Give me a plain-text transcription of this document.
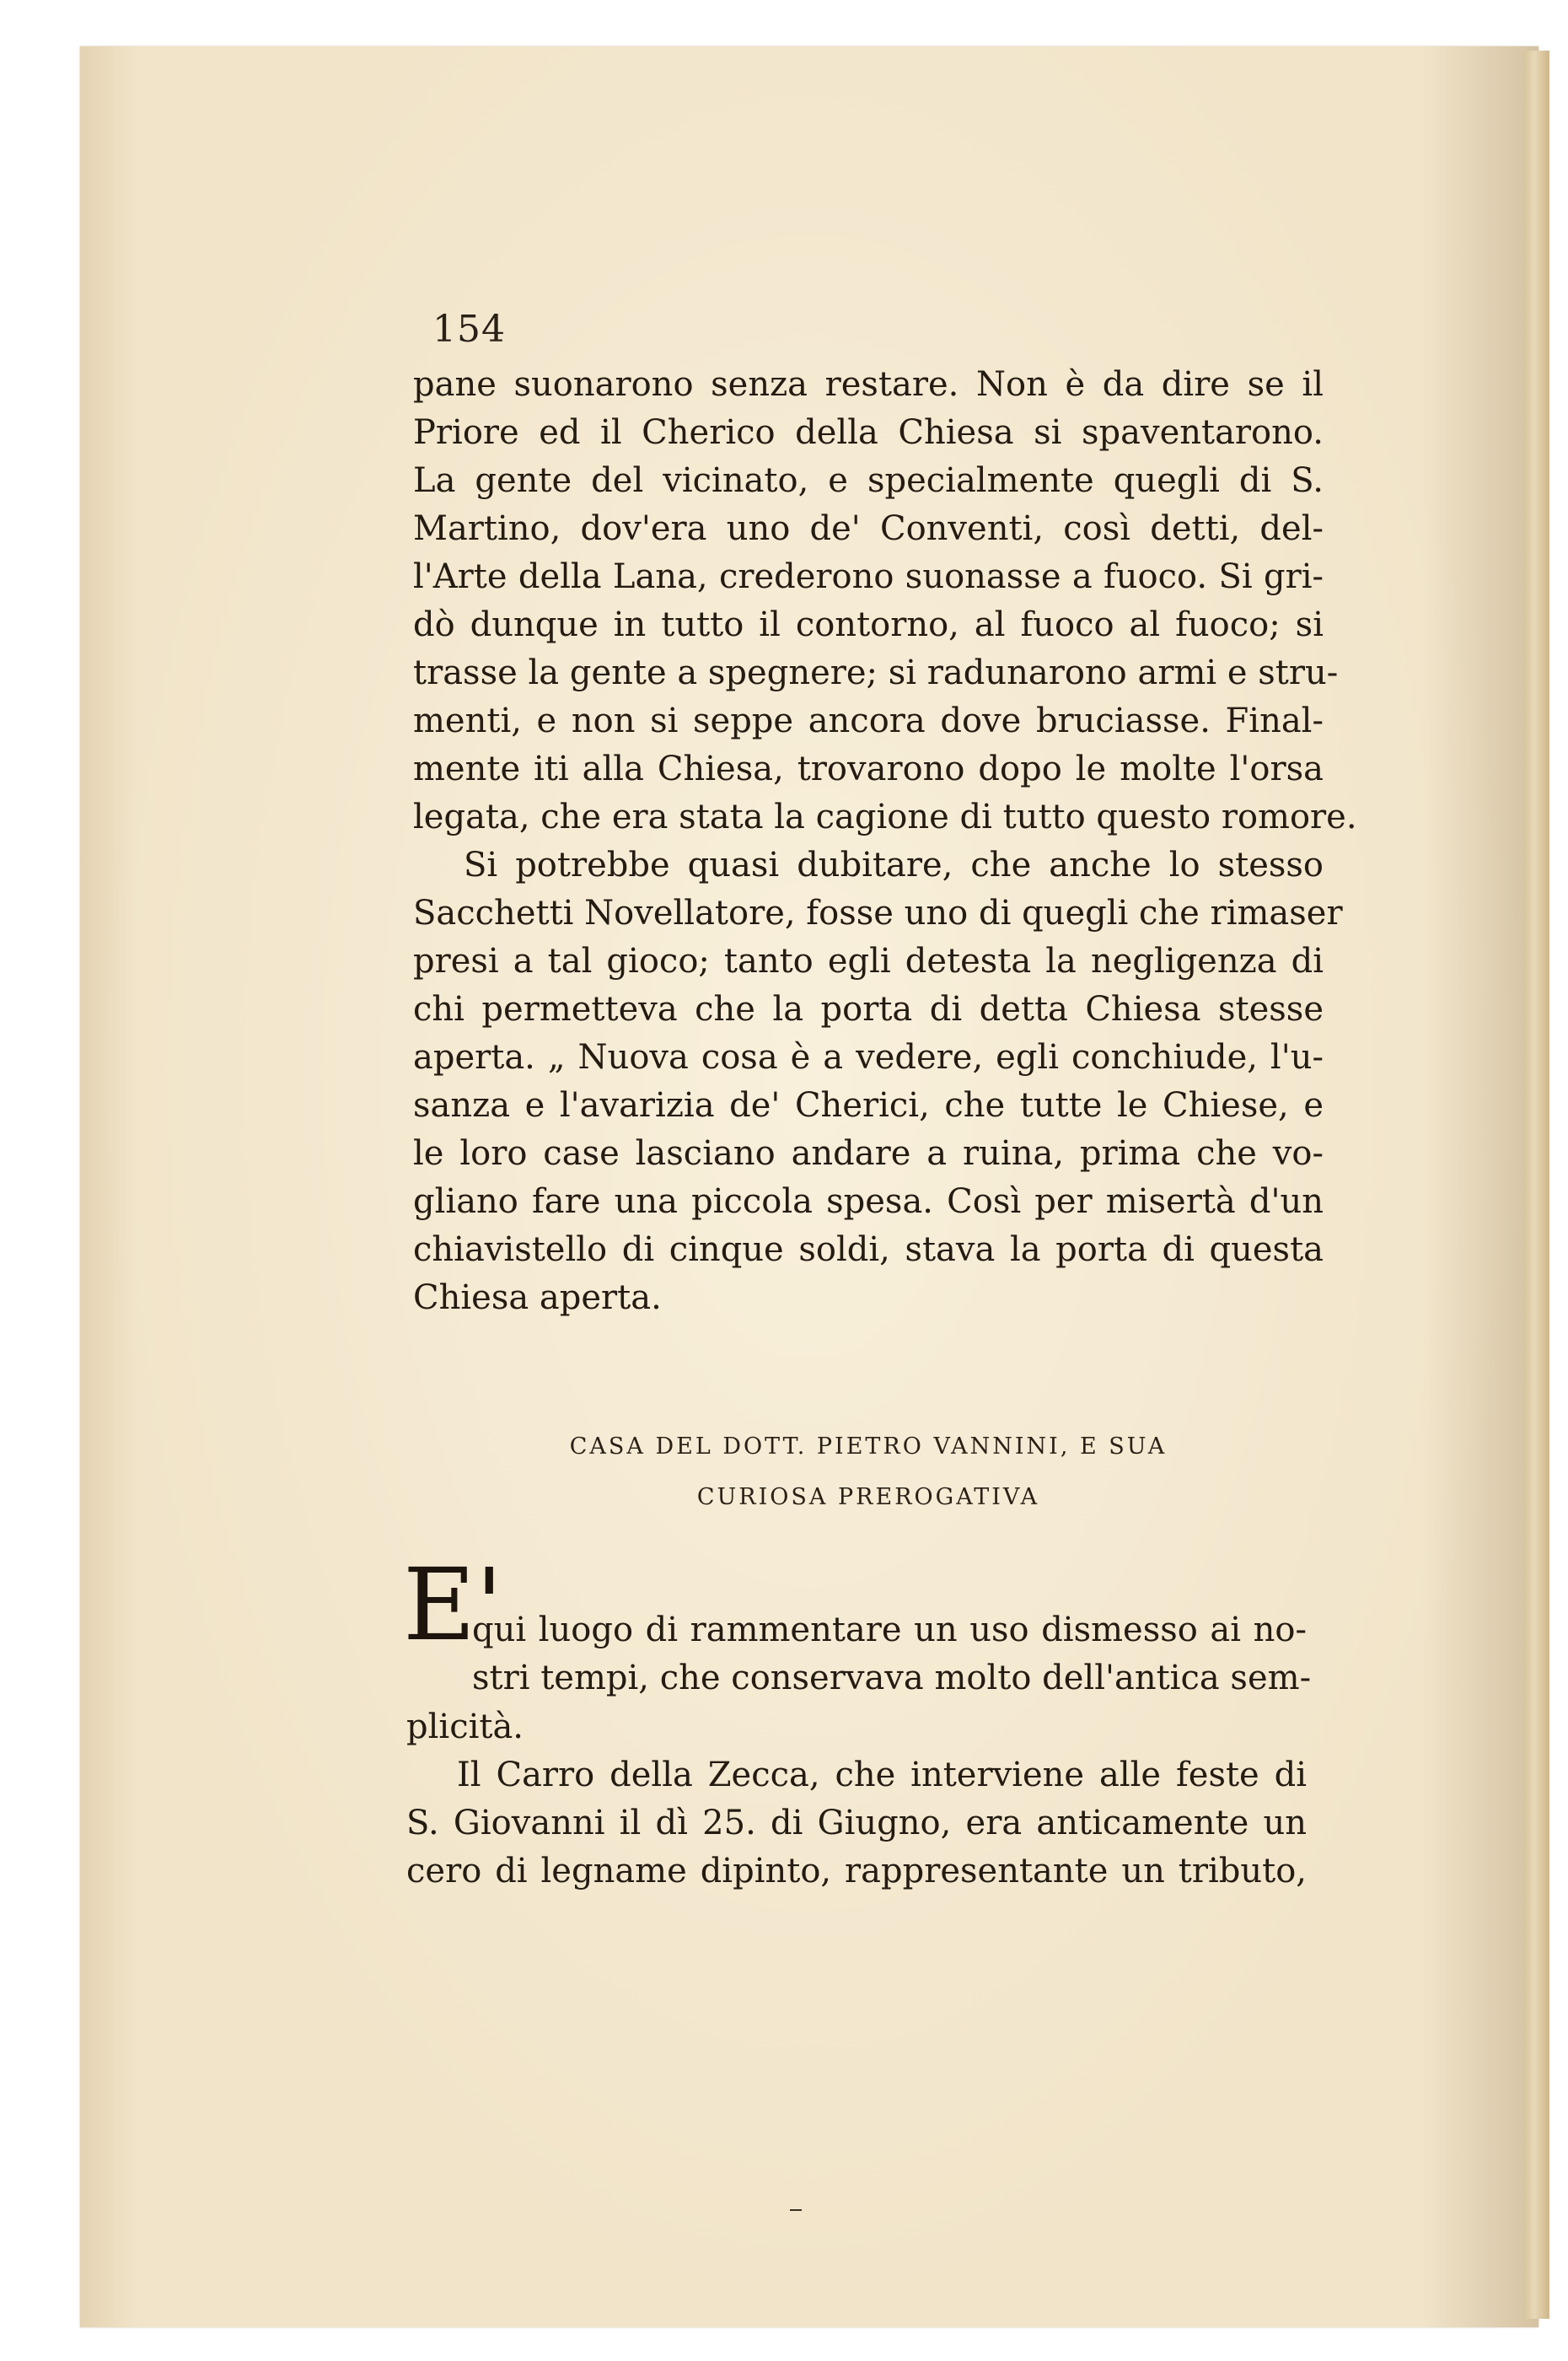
154

pane suonarono senza restare. Non è da dire se il
Priore ed il Cherico della Chiesa si spaventarono.
La gente del vicinato, e specialmente quegli di S.
Martino, dov'era uno de' Conventi, così detti, del-
l'Arte della Lana, crederono suonasse a fuoco. Si gri-
dò dunque in tutto il contorno, al fuoco al fuoco; si
trasse la gente a spegnere; si radunarono armi e stru-
menti, e non si seppe ancora dove bruciasse. Final-
mente iti alla Chiesa, trovarono dopo le molte l'orsa
legata, che era stata la cagione di tutto questo romore.

Si potrebbe quasi dubitare, che anche lo stesso
Sacchetti Novellatore, fosse uno di quegli che rimaser
presi a tal gioco; tanto egli detesta la negligenza di
chi permetteva che la porta di detta Chiesa stesse
aperta. „ Nuova cosa è a vedere, egli conchiude, l'u-
sanza e l'avarizia de' Cherici, che tutte le Chiese, e
le loro case lasciano andare a ruina, prima che vo-
gliano fare una piccola spesa. Così per misertà d'un
chiavistello di cinque soldi, stava la porta di questa
Chiesa aperta.

CASA DEL DOTT. PIETRO VANNINI, E SUA
CURIOSA PREROGATIVA
E'

qui luogo di rammentare un uso dismesso ai no-
stri tempi, che conservava molto dell'antica sem-

plicità.

Il Carro della Zecca, che interviene alle feste di
S. Giovanni il dì 25. di Giugno, era anticamente un
cero di legname dipinto, rappresentante un tributo,
